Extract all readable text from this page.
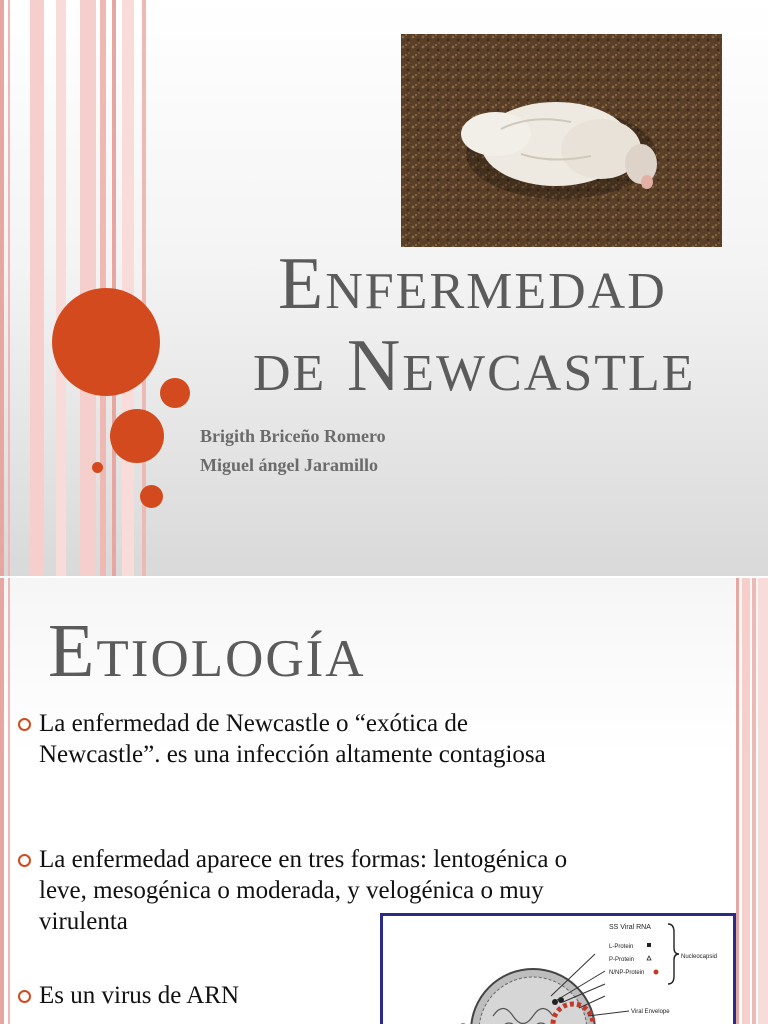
Enfermedad
de Newcastle
Brigith Briceño Romero
Miguel ángel Jaramillo
Etiología
La enfermedad de Newcastle o “exótica de Newcastle”. es una infección altamente contagiosa
La enfermedad aparece en tres formas: lentogénica o leve, mesogénica o moderada, y velogénica o muy virulenta
Es un virus de ARN
SS Viral RNA
L-Protein
P-Protein
N/NP-Protein
Nucleocapsid
Viral Envelope
